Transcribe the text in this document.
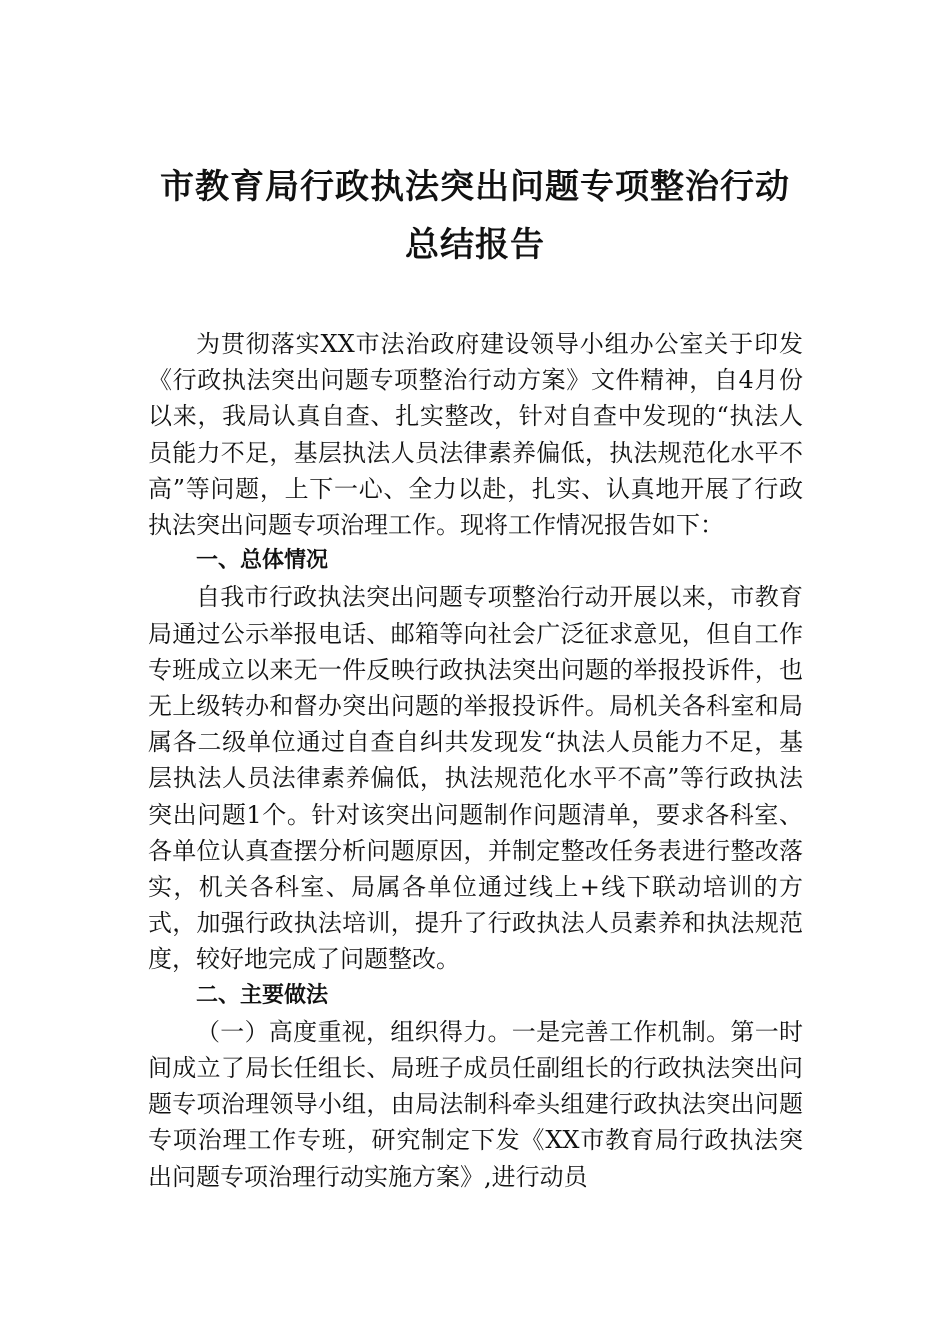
市教育局行政执法突出问题专项整治行动
总结报告

为贯彻落实XX市法治政府建设领导小组办公室关于印发《行政执法突出问题专项整治行动方案》文件精神，自4月份以来，我局认真自查、扎实整改，针对自查中发现的“执法人员能力不足，基层执法人员法律素养偏低，执法规范化水平不高”等问题，上下一心、全力以赴，扎实、认真地开展了行政执法突出问题专项治理工作。现将工作情况报告如下：

一、总体情况

自我市行政执法突出问题专项整治行动开展以来，市教育局通过公示举报电话、邮箱等向社会广泛征求意见，但自工作专班成立以来无一件反映行政执法突出问题的举报投诉件，也无上级转办和督办突出问题的举报投诉件。局机关各科室和局属各二级单位通过自查自纠共发现发“执法人员能力不足，基层执法人员法律素养偏低，执法规范化水平不高”等行政执法突出问题1个。针对该突出问题制作问题清单，要求各科室、各单位认真查摆分析问题原因，并制定整改任务表进行整改落实，机关各科室、局属各单位通过线上+线下联动培训的方式，加强行政执法培训，提升了行政执法人员素养和执法规范度，较好地完成了问题整改。

二、主要做法

（一）高度重视，组织得力。一是完善工作机制。第一时间成立了局长任组长、局班子成员任副组长的行政执法突出问题专项治理领导小组，由局法制科牵头组建行政执法突出问题专项治理工作专班，研究制定下发《XX市教育局行政执法突出问题专项治理行动实施方案》,进行动员
